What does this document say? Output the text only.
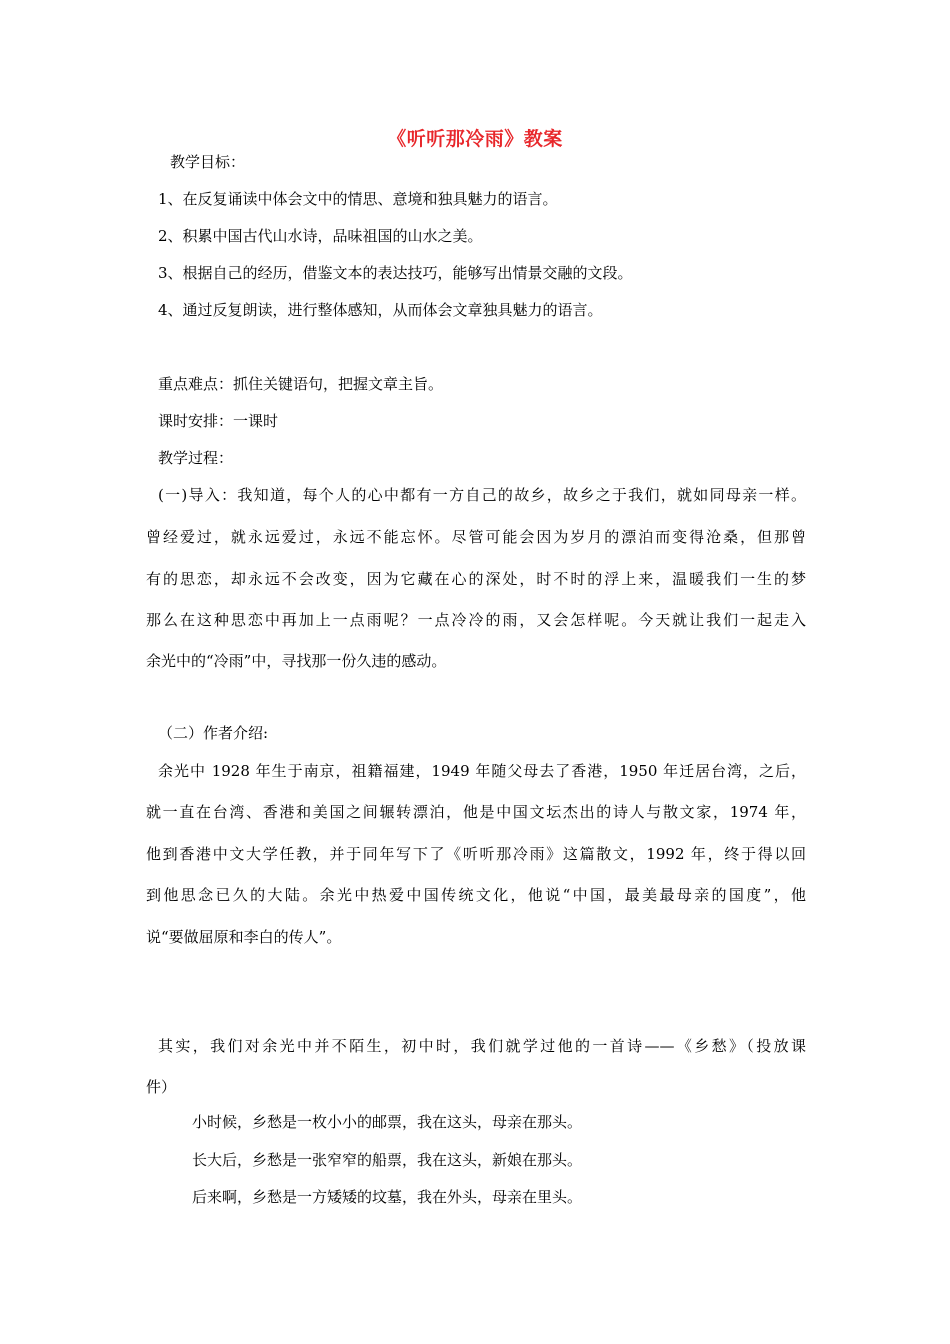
《听听那冷雨》教案
教学目标：
1、在反复诵读中体会文中的情思、意境和独具魅力的语言。
2、积累中国古代山水诗，品味祖国的山水之美。
3、根据自己的经历，借鉴文本的表达技巧，能够写出情景交融的文段。
4、通过反复朗读，进行整体感知，从而体会文章独具魅力的语言。
重点难点：抓住关键语句，把握文章主旨。
课时安排：一课时
教学过程：
(一)导入：我知道，每个人的心中都有一方自己的故乡，故乡之于我们，就如同母亲一样。
曾经爱过，就永远爱过，永远不能忘怀。尽管可能会因为岁月的漂泊而变得沧桑，但那曾
有的思恋，却永远不会改变，因为它藏在心的深处，时不时的浮上来，温暖我们一生的梦
那么在这种思恋中再加上一点雨呢？一点冷冷的雨，又会怎样呢。今天就让我们一起走入
余光中的“冷雨”中，寻找那一份久违的感动。
（二）作者介绍:
余光中 1928 年生于南京，祖籍福建，1949 年随父母去了香港，1950 年迁居台湾，之后，
就一直在台湾、香港和美国之间辗转漂泊，他是中国文坛杰出的诗人与散文家，1974 年，
他到香港中文大学任教，并于同年写下了《听听那冷雨》这篇散文，1992 年，终于得以回
到他思念已久的大陆。余光中热爱中国传统文化，他说“中国，最美最母亲的国度”，他
说“要做屈原和李白的传人”。
其实，我们对余光中并不陌生，初中时，我们就学过他的一首诗——《乡愁》（投放课
件）
小时候，乡愁是一枚小小的邮票，我在这头，母亲在那头。
长大后，乡愁是一张窄窄的船票，我在这头，新娘在那头。
后来啊，乡愁是一方矮矮的坟墓，我在外头，母亲在里头。
